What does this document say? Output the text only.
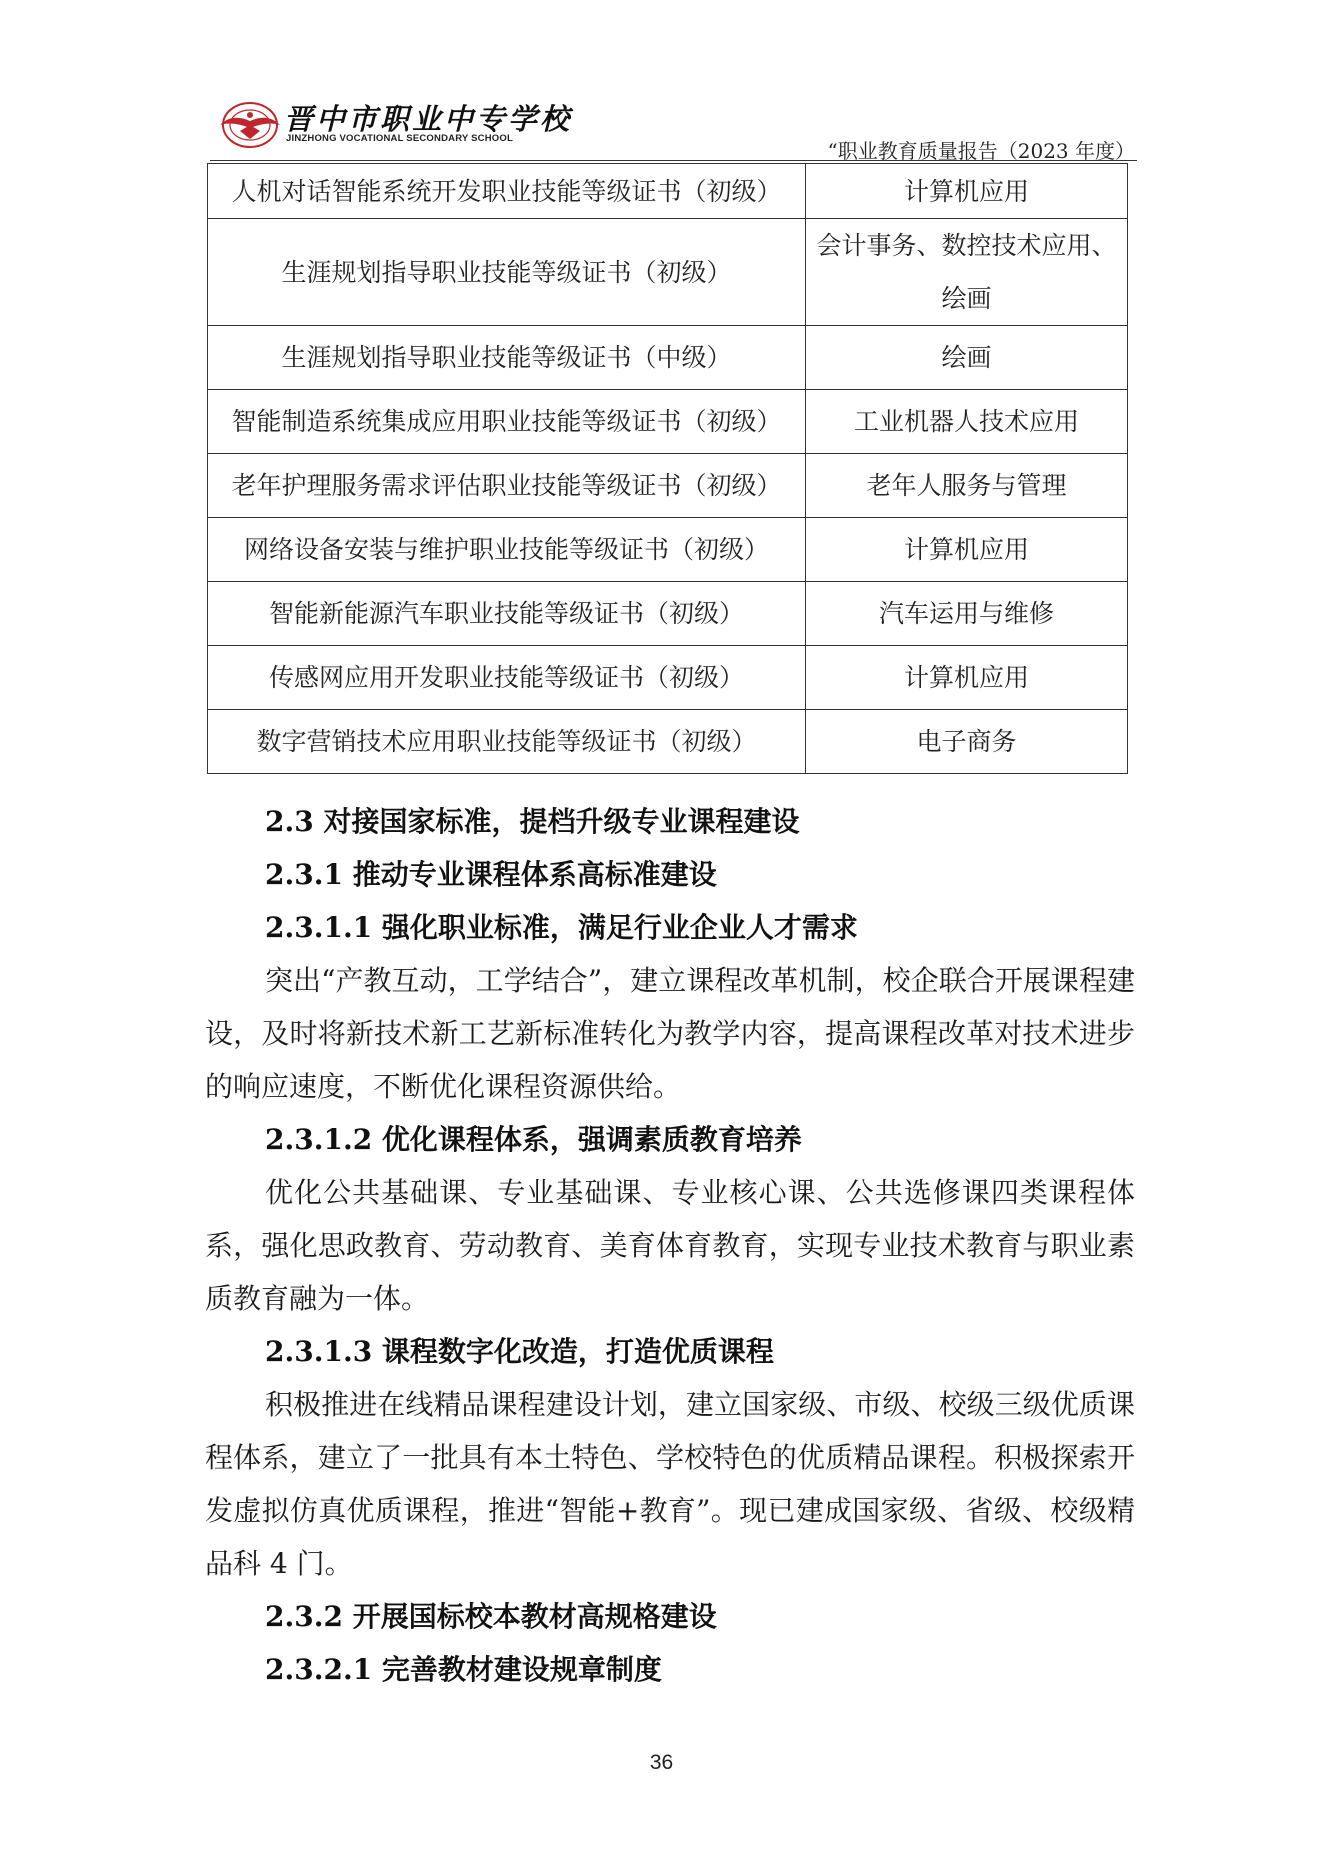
晋中市职业中专学校
JINZHONG VOCATIONAL SECONDARY SCHOOL
“职业教育质量报告（2023 年度）
人机对话智能系统开发职业技能等级证书（初级）	计算机应用
生涯规划指导职业技能等级证书（初级）	会计事务、数控技术应用、绘画
生涯规划指导职业技能等级证书（中级）	绘画
智能制造系统集成应用职业技能等级证书（初级）	工业机器人技术应用
老年护理服务需求评估职业技能等级证书（初级）	老年人服务与管理
网络设备安装与维护职业技能等级证书（初级）	计算机应用
智能新能源汽车职业技能等级证书（初级）	汽车运用与维修
传感网应用开发职业技能等级证书（初级）	计算机应用
数字营销技术应用职业技能等级证书（初级）	电子商务

2.3 对接国家标准，提档升级专业课程建设

2.3.1 推动专业课程体系高标准建设

2.3.1.1 强化职业标准，满足行业企业人才需求

突出“产教互动，工学结合”，建立课程改革机制，校企联合开展课程建设，及时将新技术新工艺新标准转化为教学内容，提高课程改革对技术进步的响应速度，不断优化课程资源供给。

2.3.1.2 优化课程体系，强调素质教育培养

优化公共基础课、专业基础课、专业核心课、公共选修课四类课程体系，强化思政教育、劳动教育、美育体育教育，实现专业技术教育与职业素质教育融为一体。

2.3.1.3 课程数字化改造，打造优质课程

积极推进在线精品课程建设计划，建立国家级、市级、校级三级优质课程体系，建立了一批具有本土特色、学校特色的优质精品课程。积极探索开发虚拟仿真优质课程，推进“智能+教育”。现已建成国家级、省级、校级精品科 4 门。

2.3.2 开展国标校本教材高规格建设

2.3.2.1 完善教材建设规章制度

36
